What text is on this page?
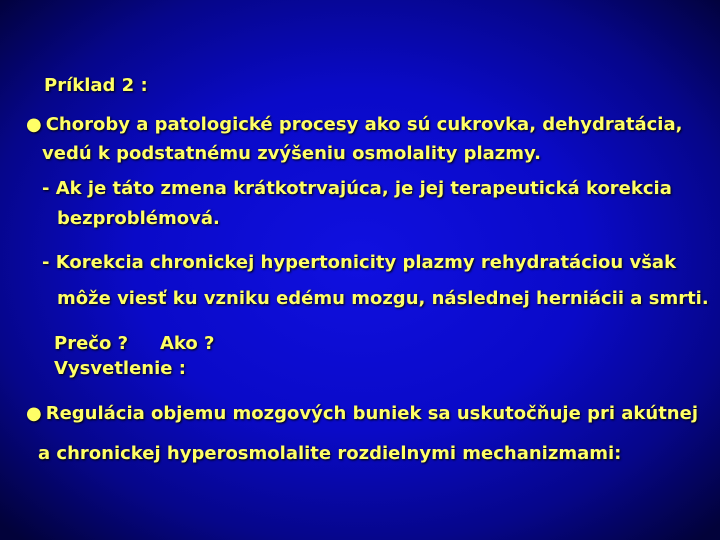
Príklad 2 :
● Choroby a patologické procesy ako sú cukrovka, dehydratácia,
vedú k podstatnému zvýšeniu osmolality plazmy.
- Ak je táto zmena krátkotrvajúca, je jej terapeutická korekcia
bezproblémová.
- Korekcia chronickej hypertonicity plazmy rehydratáciou však
môže viesť ku vzniku edému mozgu, následnej herniácii a smrti.
Prečo ? Ako ?
Vysvetlenie :
● Regulácia objemu mozgových buniek sa uskutočňuje pri akútnej
a chronickej hyperosmolalite rozdielnymi mechanizmami:
